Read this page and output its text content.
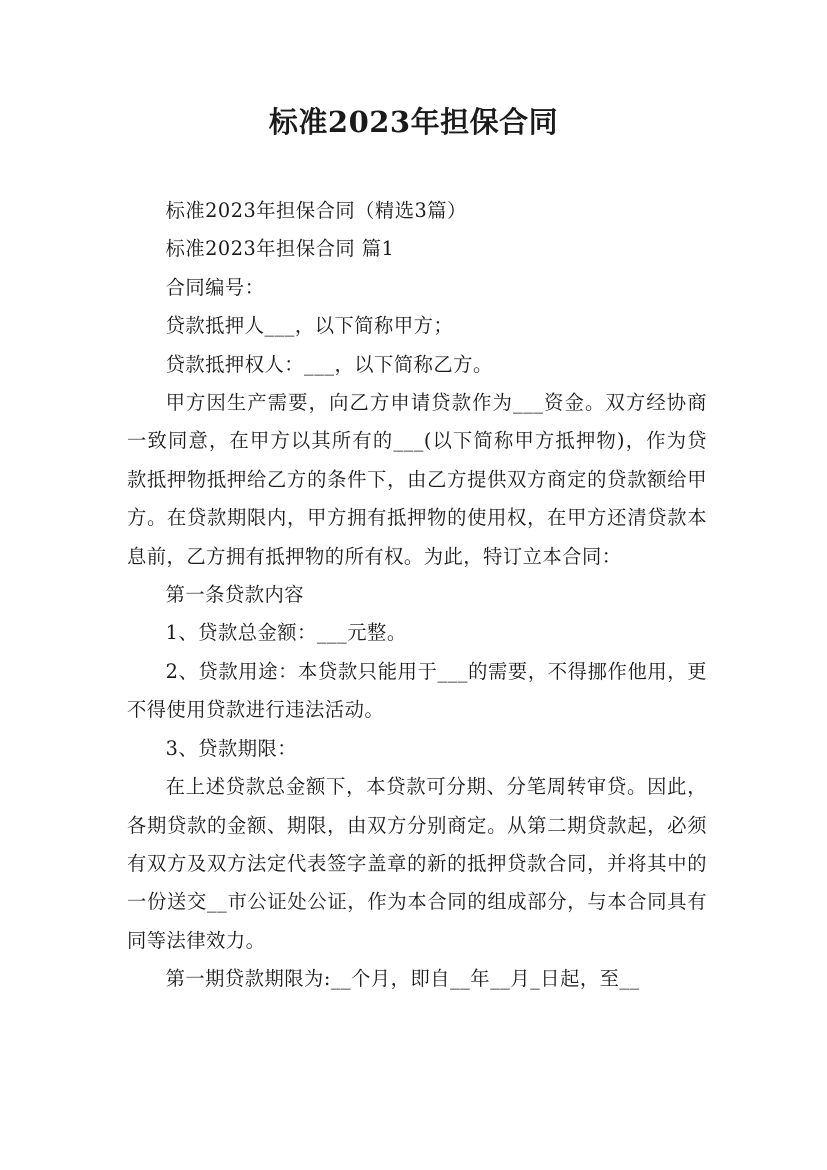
标准2023年担保合同

标准2023年担保合同（精选3篇）

标准2023年担保合同 篇1

合同编号：

贷款抵押人___，以下简称甲方；

贷款抵押权人：___，以下简称乙方。

甲方因生产需要，向乙方申请贷款作为___资金。双方经协商一致同意，在甲方以其所有的___(以下简称甲方抵押物)，作为贷款抵押物抵押给乙方的条件下，由乙方提供双方商定的贷款额给甲方。在贷款期限内，甲方拥有抵押物的使用权，在甲方还清贷款本息前，乙方拥有抵押物的所有权。为此，特订立本合同：

第一条贷款内容

1、贷款总金额：___元整。

2、贷款用途：本贷款只能用于___的需要，不得挪作他用，更不得使用贷款进行违法活动。

3、贷款期限：

在上述贷款总金额下，本贷款可分期、分笔周转审贷。因此，各期贷款的金额、期限，由双方分别商定。从第二期贷款起，必须有双方及双方法定代表签字盖章的新的抵押贷款合同，并将其中的一份送交__市公证处公证，作为本合同的组成部分，与本合同具有同等法律效力。

第一期贷款期限为:__个月，即自__年__月_日起，至__
